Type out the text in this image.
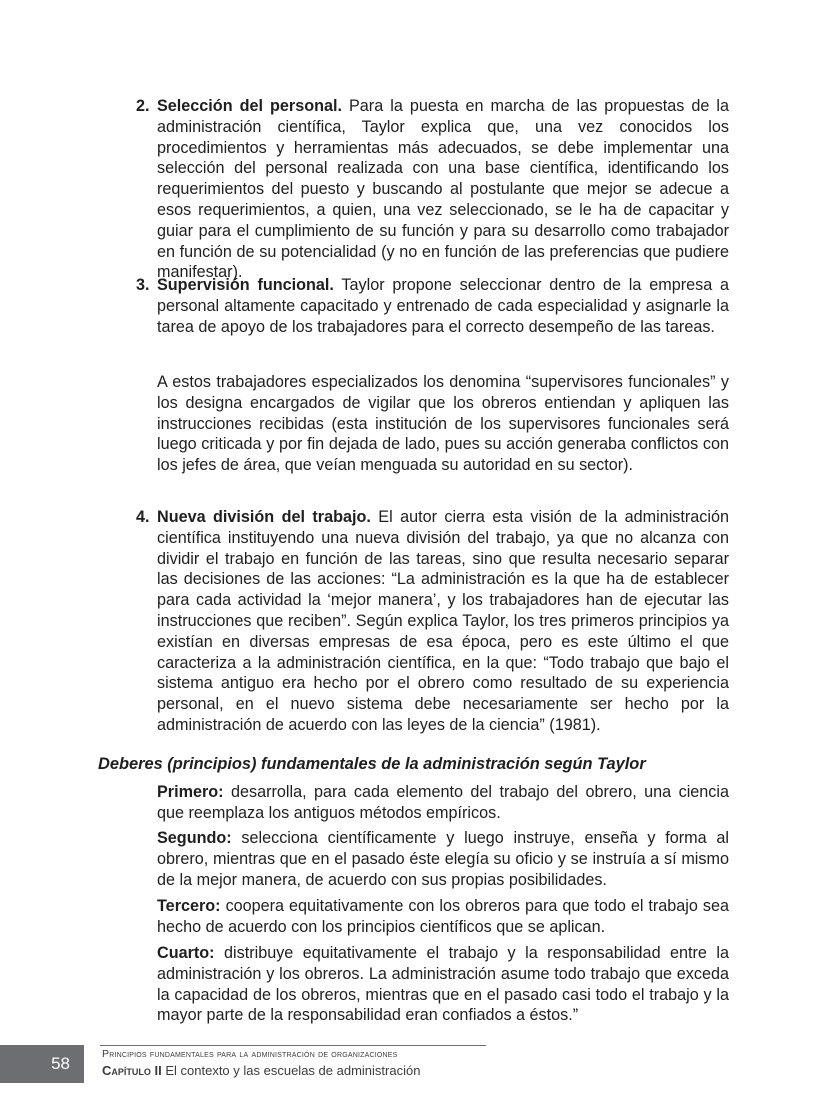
2. Selección del personal. Para la puesta en marcha de las propuestas de la administración científica, Taylor explica que, una vez conocidos los procedimientos y herramientas más adecuados, se debe implementar una selección del personal realizada con una base científica, identificando los requerimientos del puesto y buscando al postulante que mejor se adecue a esos requerimientos, a quien, una vez seleccionado, se le ha de capacitar y guiar para el cumplimiento de su función y para su desarrollo como trabajador en función de su potencialidad (y no en función de las preferencias que pudiere manifestar).
3. Supervisión funcional. Taylor propone seleccionar dentro de la empresa a personal altamente capacitado y entrenado de cada especialidad y asignarle la tarea de apoyo de los trabajadores para el correcto desempeño de las tareas.
A estos trabajadores especializados los denomina “supervisores funcionales” y los designa encargados de vigilar que los obreros entiendan y apliquen las instrucciones recibidas (esta institución de los supervisores funcionales será luego criticada y por fin dejada de lado, pues su acción generaba conflictos con los jefes de área, que veían menguada su autoridad en su sector).
4. Nueva división del trabajo. El autor cierra esta visión de la administración científica instituyendo una nueva división del trabajo, ya que no alcanza con dividir el trabajo en función de las tareas, sino que resulta necesario separar las decisiones de las acciones: “La administración es la que ha de establecer para cada actividad la ‘mejor manera’, y los trabajadores han de ejecutar las instrucciones que reciben”. Según explica Taylor, los tres primeros principios ya existían en diversas empresas de esa época, pero es este último el que caracteriza a la administración científica, en la que: “Todo trabajo que bajo el sistema antiguo era hecho por el obrero como resultado de su experiencia personal, en el nuevo sistema debe necesariamente ser hecho por la administración de acuerdo con las leyes de la ciencia” (1981).
Deberes (principios) fundamentales de la administración según Taylor
Primero: desarrolla, para cada elemento del trabajo del obrero, una ciencia que reemplaza los antiguos métodos empíricos.
Segundo: selecciona científicamente y luego instruye, enseña y forma al obrero, mientras que en el pasado éste elegía su oficio y se instruía a sí mismo de la mejor manera, de acuerdo con sus propias posibilidades.
Tercero: coopera equitativamente con los obreros para que todo el trabajo sea hecho de acuerdo con los principios científicos que se aplican.
Cuarto: distribuye equitativamente el trabajo y la responsabilidad entre la administración y los obreros. La administración asume todo trabajo que exceda la capacidad de los obreros, mientras que en el pasado casi todo el trabajo y la mayor parte de la responsabilidad eran confiados a éstos.”
58	Principios fundamentales para la administración de organizaciones
Capítulo II El contexto y las escuelas de administración
